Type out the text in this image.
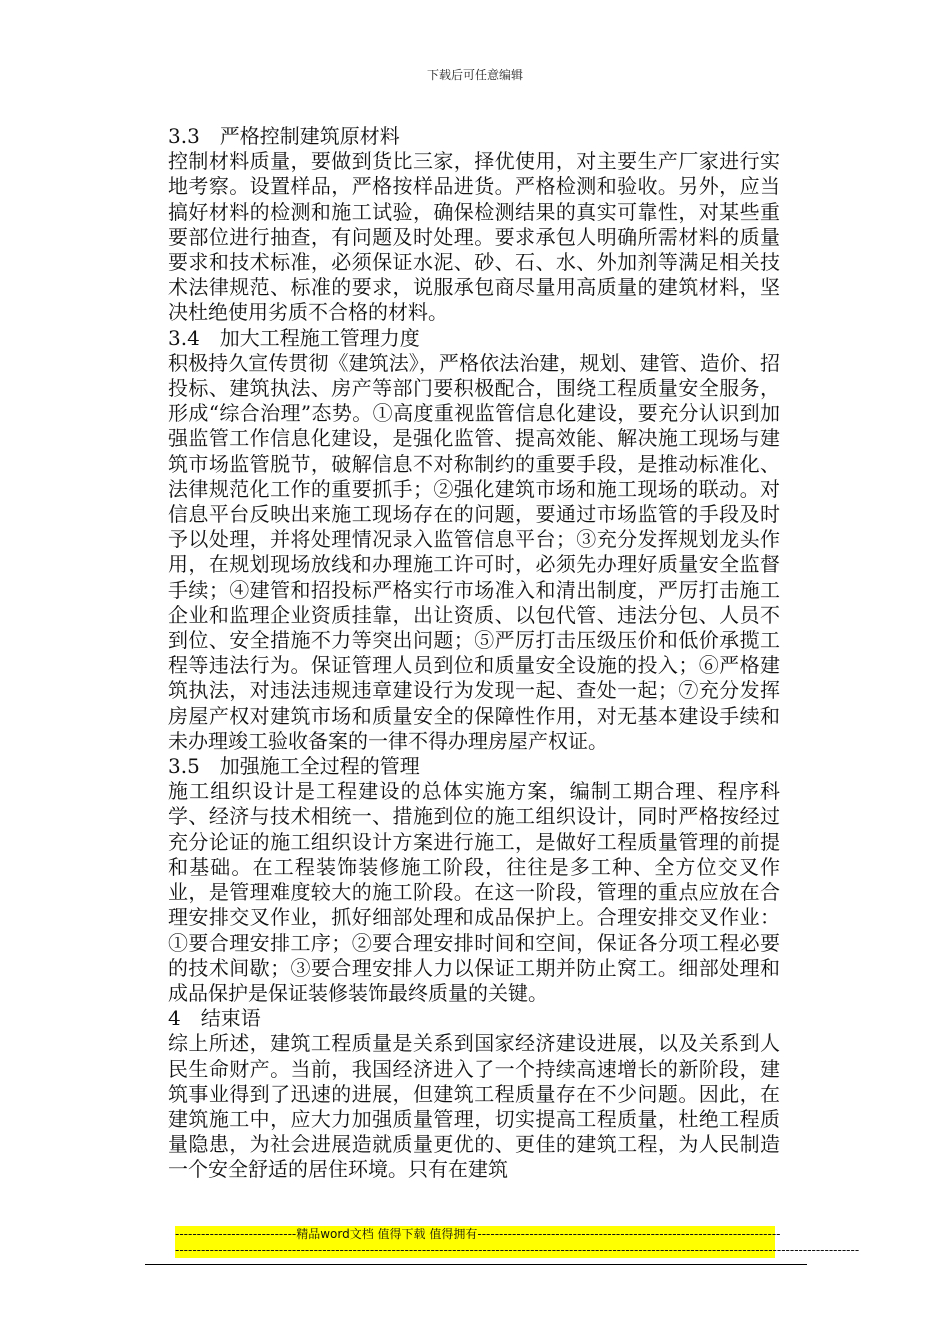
下载后可任意编辑

3.3　严格控制建筑原材料

控制材料质量，要做到货比三家，择优使用，对主要生产厂家进行实地考察。设置样品，严格按样品进货。严格检测和验收。另外，应当搞好材料的检测和施工试验，确保检测结果的真实可靠性，对某些重要部位进行抽查，有问题及时处理。要求承包人明确所需材料的质量要求和技术标准，必须保证水泥、砂、石、水、外加剂等满足相关技术法律规范、标准的要求，说服承包商尽量用高质量的建筑材料，坚决杜绝使用劣质不合格的材料。

3.4　加大工程施工管理力度

积极持久宣传贯彻《建筑法》，严格依法治建，规划、建管、造价、招投标、建筑执法、房产等部门要积极配合，围绕工程质量安全服务，形成“综合治理”态势。①高度重视监管信息化建设，要充分认识到加强监管工作信息化建设，是强化监管、提高效能、解决施工现场与建筑市场监管脱节，破解信息不对称制约的重要手段，是推动标准化、法律规范化工作的重要抓手；②强化建筑市场和施工现场的联动。对信息平台反映出来施工现场存在的问题，要通过市场监管的手段及时予以处理，并将处理情况录入监管信息平台；③充分发挥规划龙头作用，在规划现场放线和办理施工许可时，必须先办理好质量安全监督手续；④建管和招投标严格实行市场准入和清出制度，严厉打击施工企业和监理企业资质挂靠，出让资质、以包代管、违法分包、人员不到位、安全措施不力等突出问题；⑤严厉打击压级压价和低价承揽工程等违法行为。保证管理人员到位和质量安全设施的投入；⑥严格建筑执法，对违法违规违章建设行为发现一起、查处一起；⑦充分发挥房屋产权对建筑市场和质量安全的保障性作用，对无基本建设手续和未办理竣工验收备案的一律不得办理房屋产权证。

3.5　加强施工全过程的管理

施工组织设计是工程建设的总体实施方案，编制工期合理、程序科学、经济与技术相统一、措施到位的施工组织设计，同时严格按经过充分论证的施工组织设计方案进行施工，是做好工程质量管理的前提和基础。在工程装饰装修施工阶段，往往是多工种、全方位交叉作业，是管理难度较大的施工阶段。在这一阶段，管理的重点应放在合理安排交叉作业，抓好细部处理和成品保护上。合理安排交叉作业：①要合理安排工序；②要合理安排时间和空间，保证各分项工程必要的技术间歇；③要合理安排人力以保证工期并防止窝工。细部处理和成品保护是保证装修装饰最终质量的关键。

4　结束语

综上所述，建筑工程质量是关系到国家经济建设进展，以及关系到人民生命财产。当前，我国经济进入了一个持续高速增长的新阶段，建筑事业得到了迅速的进展，但建筑工程质量存在不少问题。因此，在建筑施工中，应大力加强质量管理，切实提高工程质量，杜绝工程质量隐患，为社会进展造就质量更优的、更佳的建筑工程，为人民制造一个安全舒适的居住环境。只有在建筑

----------------------------精品word文档 值得下载 值得拥有----------------------------------------------------------------------
--------------------------------------------------------------------------------------------------------------------------------------------------------------
